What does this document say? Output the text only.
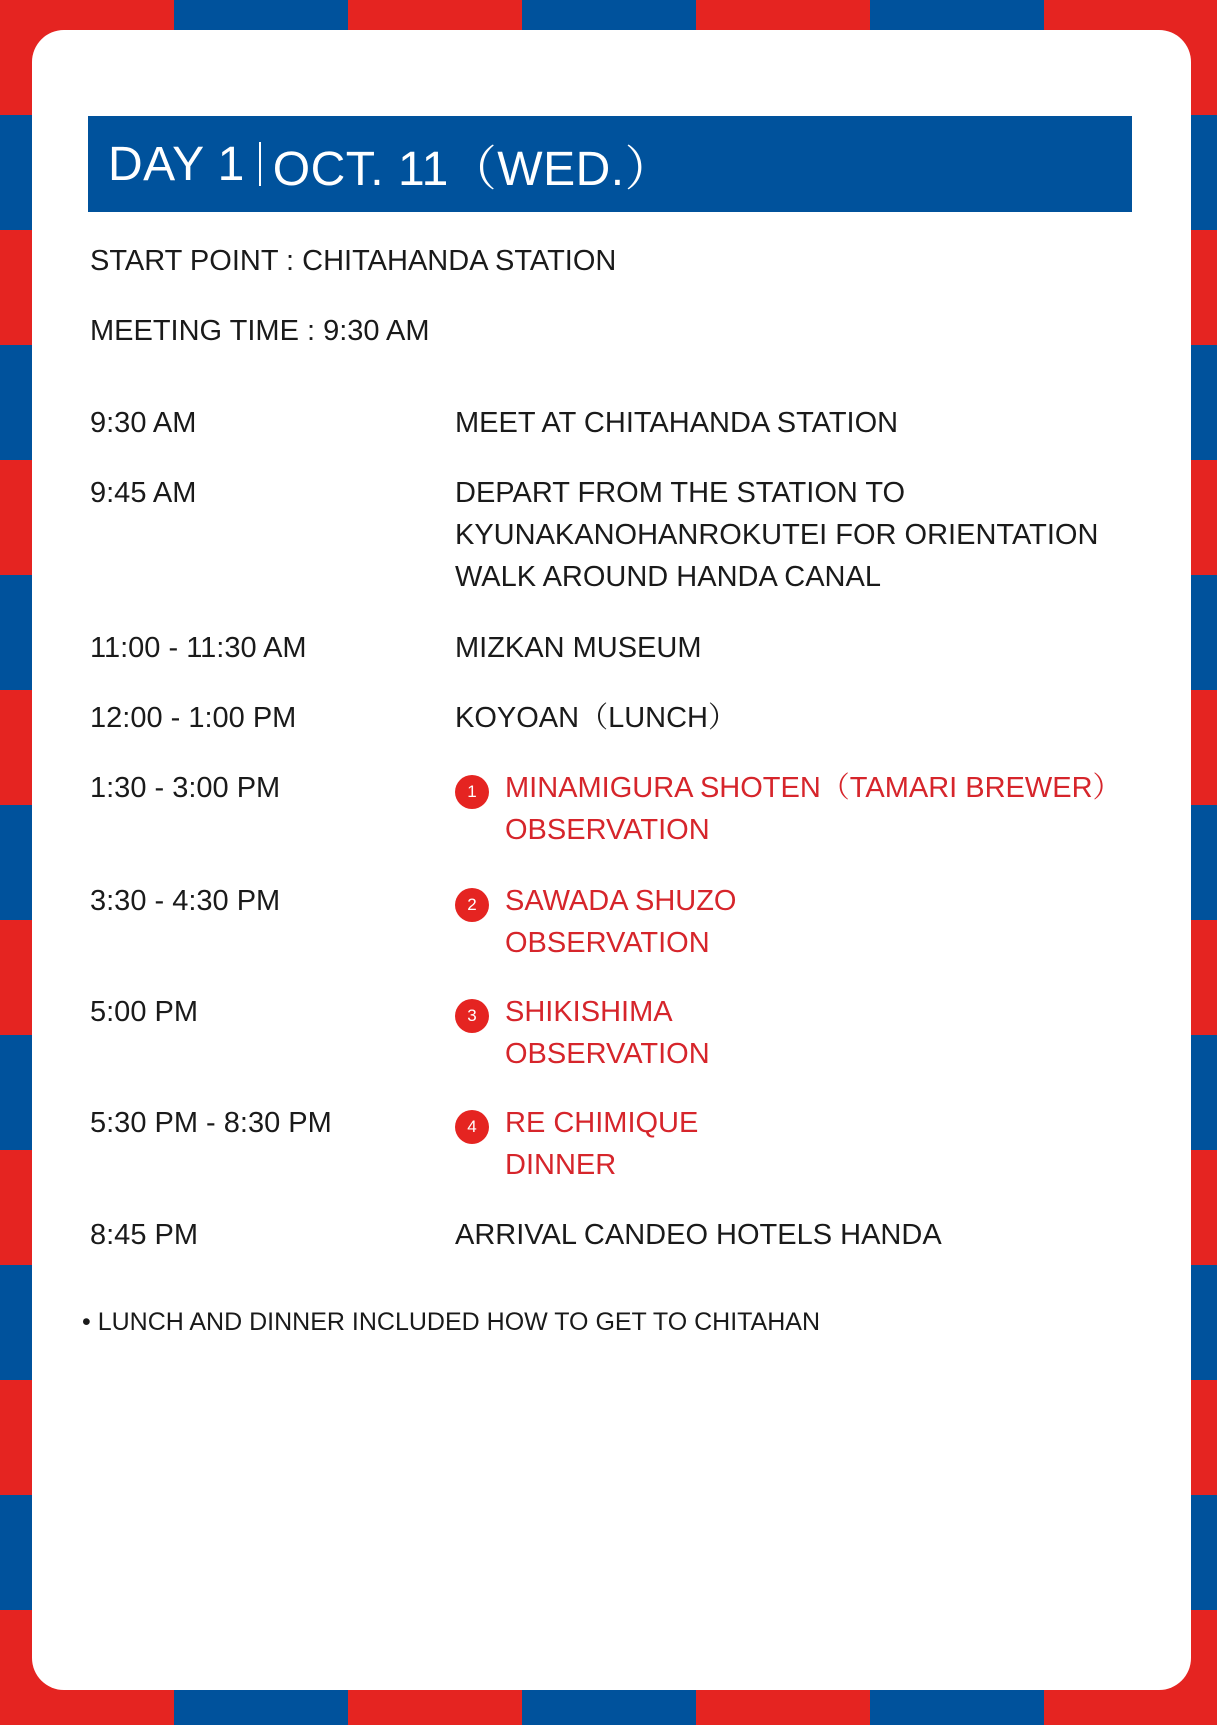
DAY 1 OCT. 11（WED.）
START POINT : CHITAHANDA STATION
MEETING TIME : 9:30 AM
9:30 AM	MEET AT CHITAHANDA STATION
9:45 AM	DEPART FROM THE STATION TO
KYUNAKANOHANROKUTEI FOR ORIENTATION
WALK AROUND HANDA CANAL
11:00 - 11:30 AM	MIZKAN MUSEUM
12:00 - 1:00 PM	KOYOAN（LUNCH）
1:30 - 3:00 PM	1 MINAMIGURA SHOTEN（TAMARI BREWER）
OBSERVATION
3:30 - 4:30 PM	2 SAWADA SHUZO
OBSERVATION
5:00 PM	3 SHIKISHIMA
OBSERVATION
5:30 PM - 8:30 PM	4 RE CHIMIQUE
DINNER
8:45 PM	ARRIVAL CANDEO HOTELS HANDA
• LUNCH AND DINNER INCLUDED HOW TO GET TO CHITAHAN
